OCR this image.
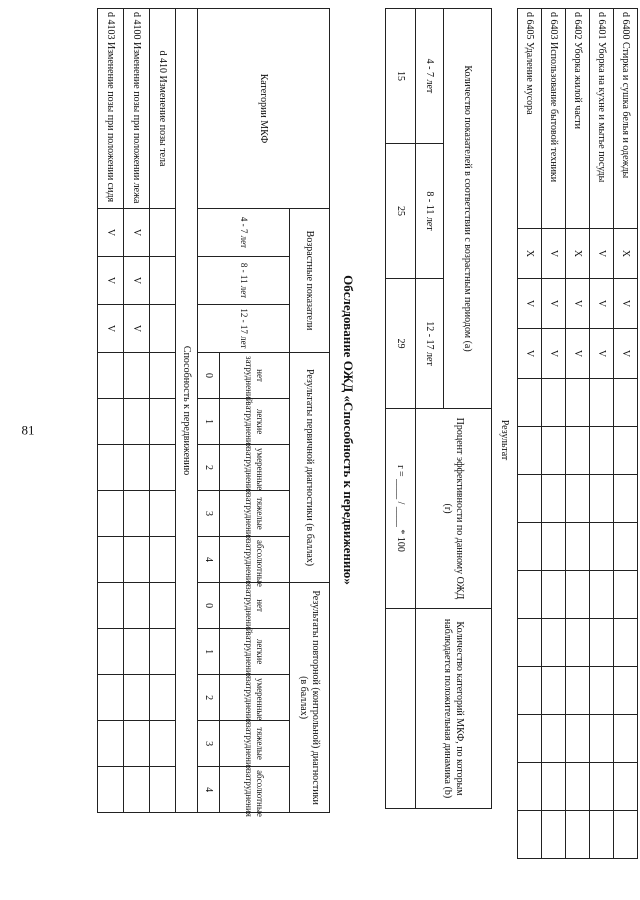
81
d 6400 Стирка и сушка белья и одежды	X	V	V										
d 6401 Уборка на кухне и мытье посуды	V	V	V										
d 6402 Уборка жилой части	X	V	V										
d 6403 Использование бытовой техники	V	V	V										
d 6405 Удаление мусора	X	V	V										
Результат
Количество показателей в соответствии с возрастным периодом (а)			Процент эффективности по данному ОЖД (r)	Количество категорий МКФ, по которым наблюдается положительная динамика (b)
4 - 7 лет	8 - 11 лет	12 - 17 лет		
15	25	29	r = ____ / ____ * 100	
Обследование ОЖД «Способность к передвижению»
Категории МКФ	Возрастные показатели			Результаты первичной диагностики (в баллах)					Результаты повторной (контрольной) диагностики (в баллах)				
	4 - 7 лет	8 - 11 лет	12 - 17 лет	нет затруднений	легкие затруднения	умеренные затруднения	тяжелые затруднения	абсолютные затруднения	нет затруднений	легкие затруднения	умеренные затруднения	тяжелые затруднения	абсолютные затруднения
				0	1	2	3	4	0	1	2	3	4
Способность к передвижению													
d 410 Изменение позы тела													
d 4100 Изменение позы при положении лежа	V	V	V										
d 4103 Изменение позы при положении сидя	V	V	V										
